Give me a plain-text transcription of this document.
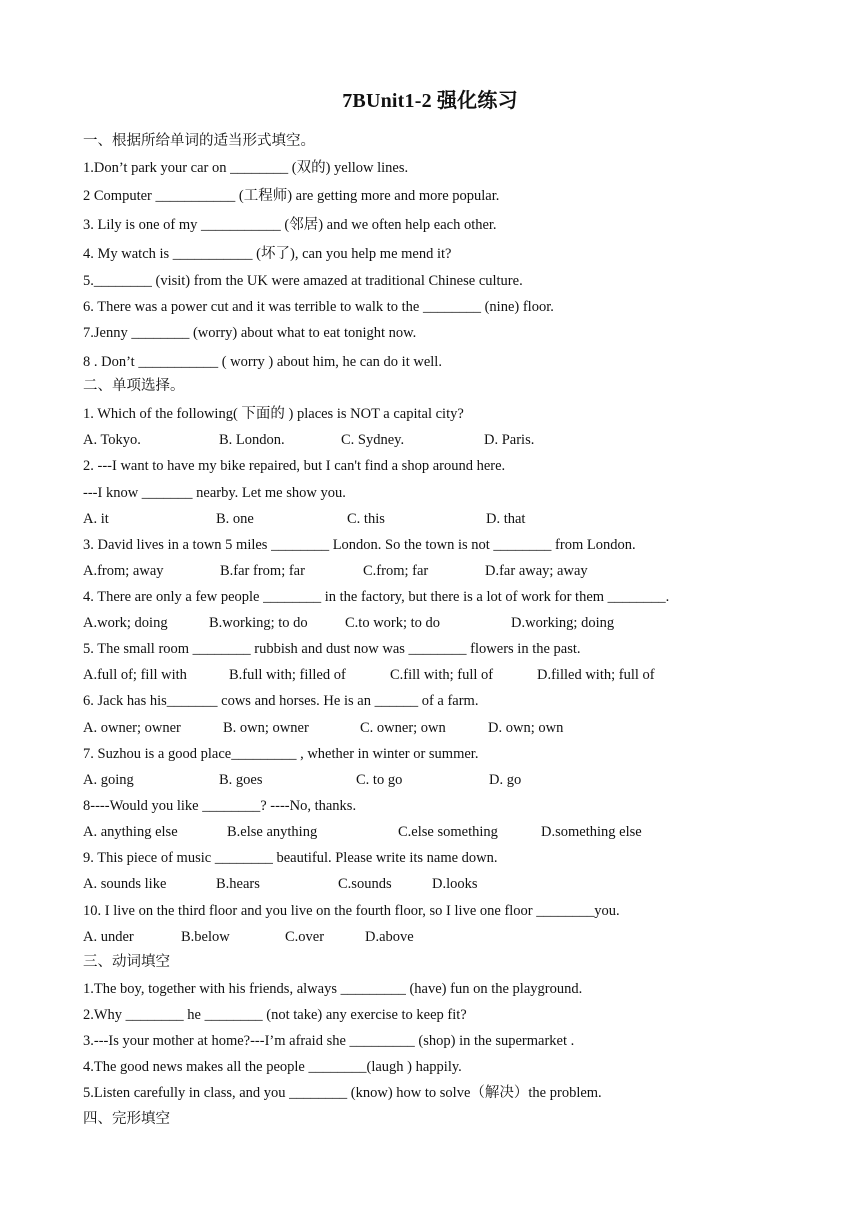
7BUnit1-2 强化练习
一、根据所给单词的适当形式填空。
1.Don’t park your car on ________ (双的) yellow lines.
2 Computer ___________ (工程师) are getting more and more popular.
3. Lily is one of my ___________ (邻居) and we often help each other.
4. My watch is ___________ (坏了), can you help me mend it?
5.________ (visit) from the UK were amazed at traditional Chinese culture.
6. There was a power cut and it was terrible to walk to the ________ (nine) floor.
7.Jenny ________ (worry) about what to eat tonight now.
8 . Don’t ___________ ( worry ) about him, he can do it well.
二、单项选择。
1. Which of the following( 下面的 ) places is NOT a capital city?
A. Tokyo.	B. London.	C. Sydney.	D. Paris.
2. ---I want to have my bike repaired, but I can't find a shop around here.
---I know _______ nearby. Let me show you.
A. it	B. one	C. this	D. that
3. David lives in a town 5 miles ________ London. So the town is not ________ from London.
A.from; away	B.far from; far	C.from; far	D.far away; away
4. There are only a few people ________ in the factory, but there is a lot of work for them ________.
A.work; doing	B.working; to do	C.to work; to do	D.working; doing
5. The small room ________ rubbish and dust now was ________ flowers in the past.
A.full of; fill with	B.full with; filled of	C.fill with; full of	D.filled with; full of
6. Jack has his_______ cows and horses. He is an ______ of a farm.
A. owner; owner	B. own; owner	C. owner; own	D. own; own
7. Suzhou is a good place_________ , whether in winter or summer.
A. going	B. goes	C. to go	D. go
8----Would you like ________? ----No, thanks.
A. anything else	B.else anything	C.else something	D.something else
9. This piece of music ________ beautiful. Please write its name down.
A. sounds like	B.hears	C.sounds	D.looks
10. I live on the third floor and you live on the fourth floor, so I live one floor ________you.
A. under	B.below	C.over	D.above
三、动词填空
1.The boy, together with his friends, always _________ (have) fun on the playground.
2.Why ________ he ________ (not take) any exercise to keep fit?
3.---Is your mother at home?---I’m afraid she _________ (shop) in the supermarket .
4.The good news makes all the people ________(laugh ) happily.
5.Listen carefully in class, and you ________ (know) how to solve（解决）the problem.
四、完形填空
